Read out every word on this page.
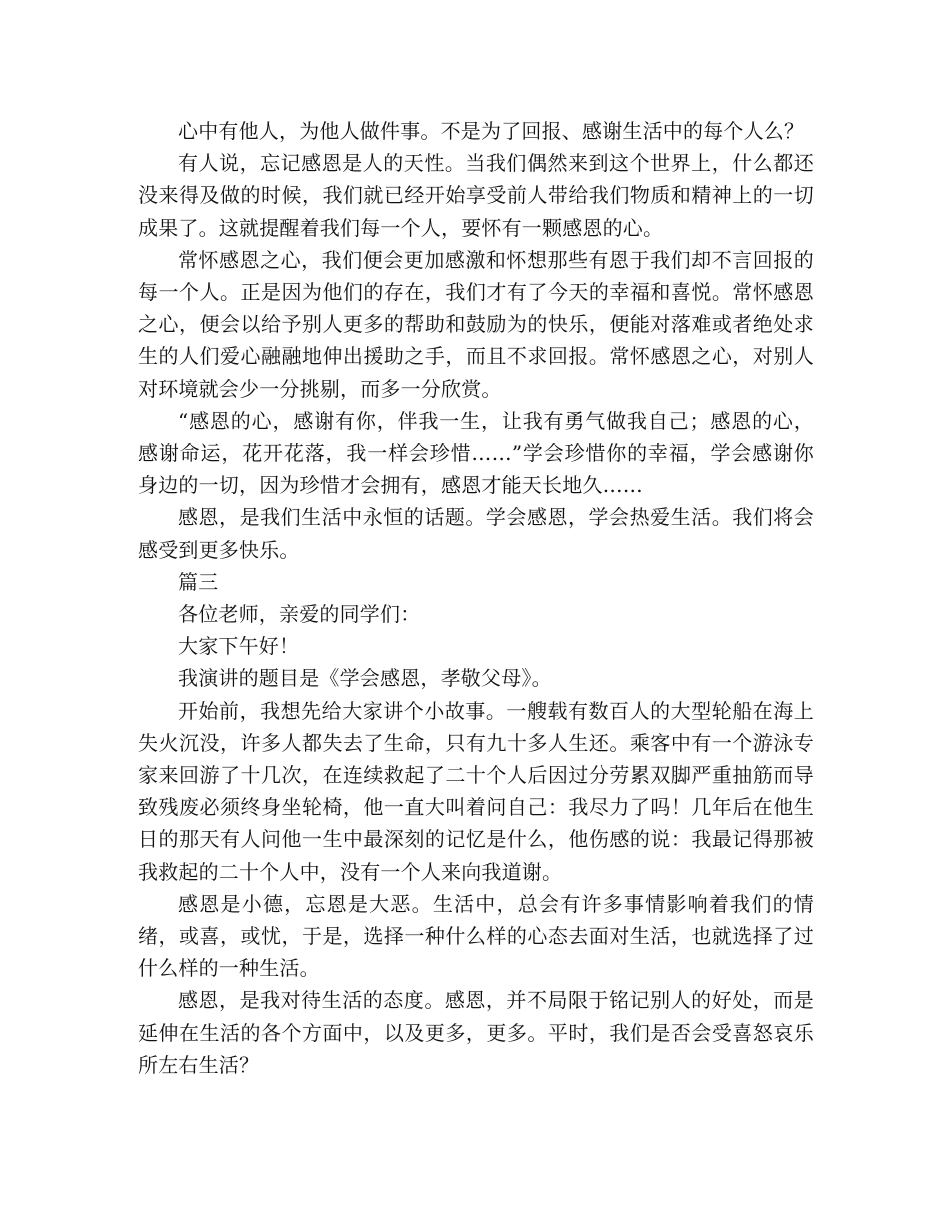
心中有他人，为他人做件事。不是为了回报、感谢生活中的每个人么？

有人说，忘记感恩是人的天性。当我们偶然来到这个世界上，什么都还没来得及做的时候，我们就已经开始享受前人带给我们物质和精神上的一切成果了。这就提醒着我们每一个人，要怀有一颗感恩的心。

常怀感恩之心，我们便会更加感激和怀想那些有恩于我们却不言回报的每一个人。正是因为他们的存在，我们才有了今天的幸福和喜悦。常怀感恩之心，便会以给予别人更多的帮助和鼓励为的快乐，便能对落难或者绝处求生的人们爱心融融地伸出援助之手，而且不求回报。常怀感恩之心，对别人对环境就会少一分挑剔，而多一分欣赏。

“感恩的心，感谢有你，伴我一生，让我有勇气做我自己；感恩的心，感谢命运，花开花落，我一样会珍惜……”学会珍惜你的幸福，学会感谢你身边的一切，因为珍惜才会拥有，感恩才能天长地久……

感恩，是我们生活中永恒的话题。学会感恩，学会热爱生活。我们将会感受到更多快乐。

篇三

各位老师，亲爱的同学们：

大家下午好！

我演讲的题目是《学会感恩，孝敬父母》。

开始前，我想先给大家讲个小故事。一艘载有数百人的大型轮船在海上失火沉没，许多人都失去了生命，只有九十多人生还。乘客中有一个游泳专家来回游了十几次，在连续救起了二十个人后因过分劳累双脚严重抽筋而导致残废必须终身坐轮椅，他一直大叫着问自己：我尽力了吗！几年后在他生日的那天有人问他一生中最深刻的记忆是什么，他伤感的说：我最记得那被我救起的二十个人中，没有一个人来向我道谢。

感恩是小德，忘恩是大恶。生活中，总会有许多事情影响着我们的情绪，或喜，或忧，于是，选择一种什么样的心态去面对生活，也就选择了过什么样的一种生活。

感恩，是我对待生活的态度。感恩，并不局限于铭记别人的好处，而是延伸在生活的各个方面中，以及更多，更多。平时，我们是否会受喜怒哀乐所左右生活？
